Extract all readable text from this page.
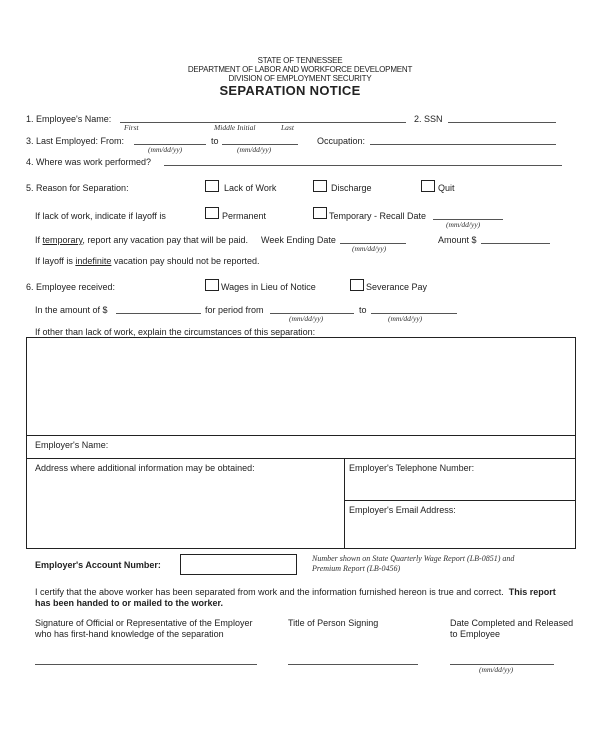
STATE OF TENNESSEE
DEPARTMENT OF LABOR AND WORKFORCE DEVELOPMENT
DIVISION OF EMPLOYMENT SECURITY
SEPARATION NOTICE
1. Employee's Name:	2. SSN
First	Middle Initial	Last
3. Last Employed: From:	to
(mm/dd/yy)	(mm/dd/yy)
Occupation:
4. Where was work performed?
5. Reason for Separation:	Lack of Work	Discharge	Quit
If lack of work, indicate if layoff is	Permanent	Temporary - Recall Date
(mm/dd/yy)
If temporary, report any vacation pay that will be paid. Week Ending Date
(mm/dd/yy)
Amount $
If layoff is indefinite vacation pay should not be reported.
6. Employee received:	Wages in Lieu of Notice	Severance Pay
In the amount of $	for period from	to
(mm/dd/yy)	(mm/dd/yy)
If other than lack of work, explain the circumstances of this separation:
Employer's Name:
Address where additional information may be obtained:	Employer's Telephone Number:
Employer's Email Address:
Employer's Account Number:
Number shown on State Quarterly Wage Report (LB-0851) and
Premium Report (LB-0456)
I certify that the above worker has been separated from work and the information furnished hereon is true and correct. This report
has been handed to or mailed to the worker.
Signature of Official or Representative of the Employer
who has first-hand knowledge of the separation
Title of Person Signing	Date Completed and Released
to Employee
(mm/dd/yy)
